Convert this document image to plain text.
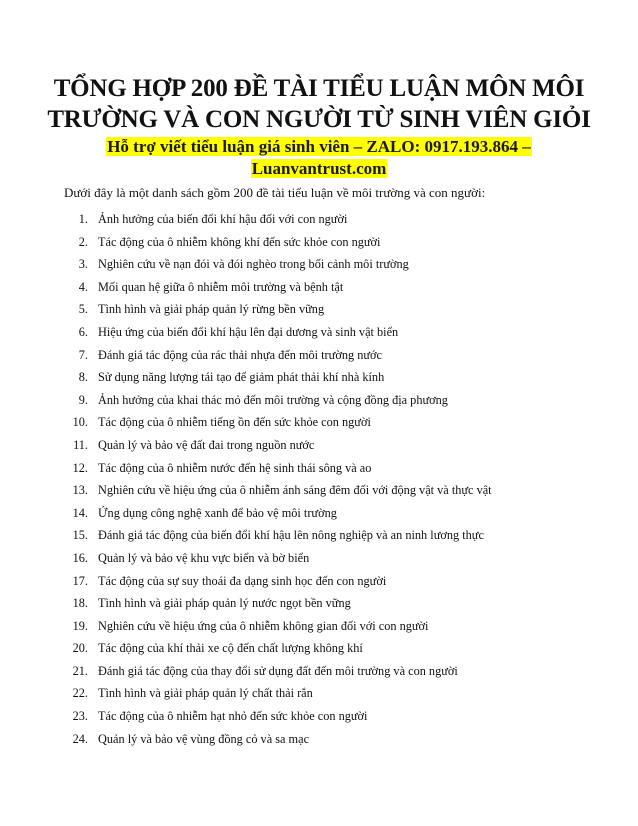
TỔNG HỢP 200 ĐỀ TÀI TIỂU LUẬN MÔN MÔI
TRƯỜNG VÀ CON NGƯỜI TỪ SINH VIÊN GIỎI
Hỗ trợ viết tiểu luận giá sinh viên – ZALO: 0917.193.864 –
Luanvantrust.com
Dưới đây là một danh sách gồm 200 đề tài tiểu luận về môi trường và con người:
1. Ảnh hưởng của biến đổi khí hậu đối với con người
2. Tác động của ô nhiễm không khí đến sức khỏe con người
3. Nghiên cứu về nạn đói và đói nghèo trong bối cảnh môi trường
4. Mối quan hệ giữa ô nhiễm môi trường và bệnh tật
5. Tình hình và giải pháp quản lý rừng bền vững
6. Hiệu ứng của biến đổi khí hậu lên đại dương và sinh vật biển
7. Đánh giá tác động của rác thải nhựa đến môi trường nước
8. Sử dụng năng lượng tái tạo để giảm phát thải khí nhà kính
9. Ảnh hưởng của khai thác mỏ đến môi trường và cộng đồng địa phương
10. Tác động của ô nhiễm tiếng ồn đến sức khỏe con người
11. Quản lý và bảo vệ đất đai trong nguồn nước
12. Tác động của ô nhiễm nước đến hệ sinh thái sông và ao
13. Nghiên cứu về hiệu ứng của ô nhiễm ánh sáng đêm đối với động vật và thực vật
14. Ứng dụng công nghệ xanh để bảo vệ môi trường
15. Đánh giá tác động của biến đổi khí hậu lên nông nghiệp và an ninh lương thực
16. Quản lý và bảo vệ khu vực biển và bờ biển
17. Tác động của sự suy thoái đa dạng sinh học đến con người
18. Tình hình và giải pháp quản lý nước ngọt bền vững
19. Nghiên cứu về hiệu ứng của ô nhiễm không gian đối với con người
20. Tác động của khí thải xe cộ đến chất lượng không khí
21. Đánh giá tác động của thay đổi sử dụng đất đến môi trường và con người
22. Tình hình và giải pháp quản lý chất thải rắn
23. Tác động của ô nhiễm hạt nhỏ đến sức khỏe con người
24. Quản lý và bảo vệ vùng đồng cỏ và sa mạc
